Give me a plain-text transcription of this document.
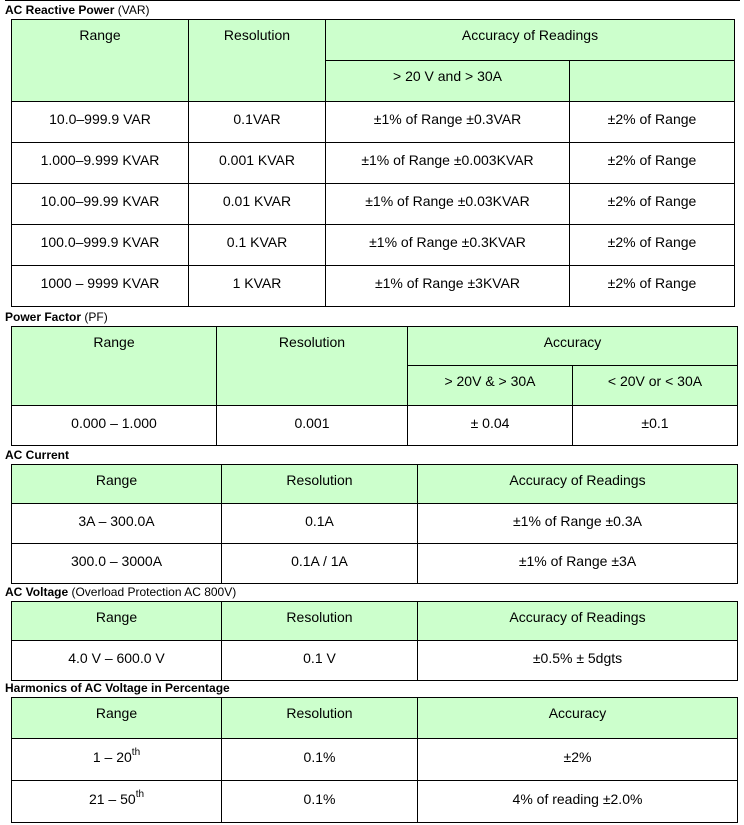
AC Reactive Power (VAR)
Range	Resolution	Accuracy of Readings	
		> 20 V and > 30A	
10.0–999.9 VAR	0.1VAR	±1% of Range ±0.3VAR	±2% of Range
1.000–9.999 KVAR	0.001 KVAR	±1% of Range ±0.003KVAR	±2% of Range
10.00–99.99 KVAR	0.01 KVAR	±1% of Range ±0.03KVAR	±2% of Range
100.0–999.9 KVAR	0.1 KVAR	±1% of Range ±0.3KVAR	±2% of Range
1000 – 9999 KVAR	1 KVAR	±1% of Range ±3KVAR	±2% of Range
Power Factor (PF)
Range	Resolution	Accuracy	
		> 20V & > 30A	< 20V or < 30A
0.000 – 1.000	0.001	± 0.04	±0.1
AC Current
Range	Resolution	Accuracy of Readings
3A – 300.0A	0.1A	±1% of Range ±0.3A
300.0 – 3000A	0.1A / 1A	±1% of Range ±3A
AC Voltage (Overload Protection AC 800V)
Range	Resolution	Accuracy of Readings
4.0 V – 600.0 V	0.1 V	±0.5% ± 5dgts
Harmonics of AC Voltage in Percentage
Range	Resolution	Accuracy
1 – 20th	0.1%	±2%
21 – 50th	0.1%	4% of reading ±2.0%
